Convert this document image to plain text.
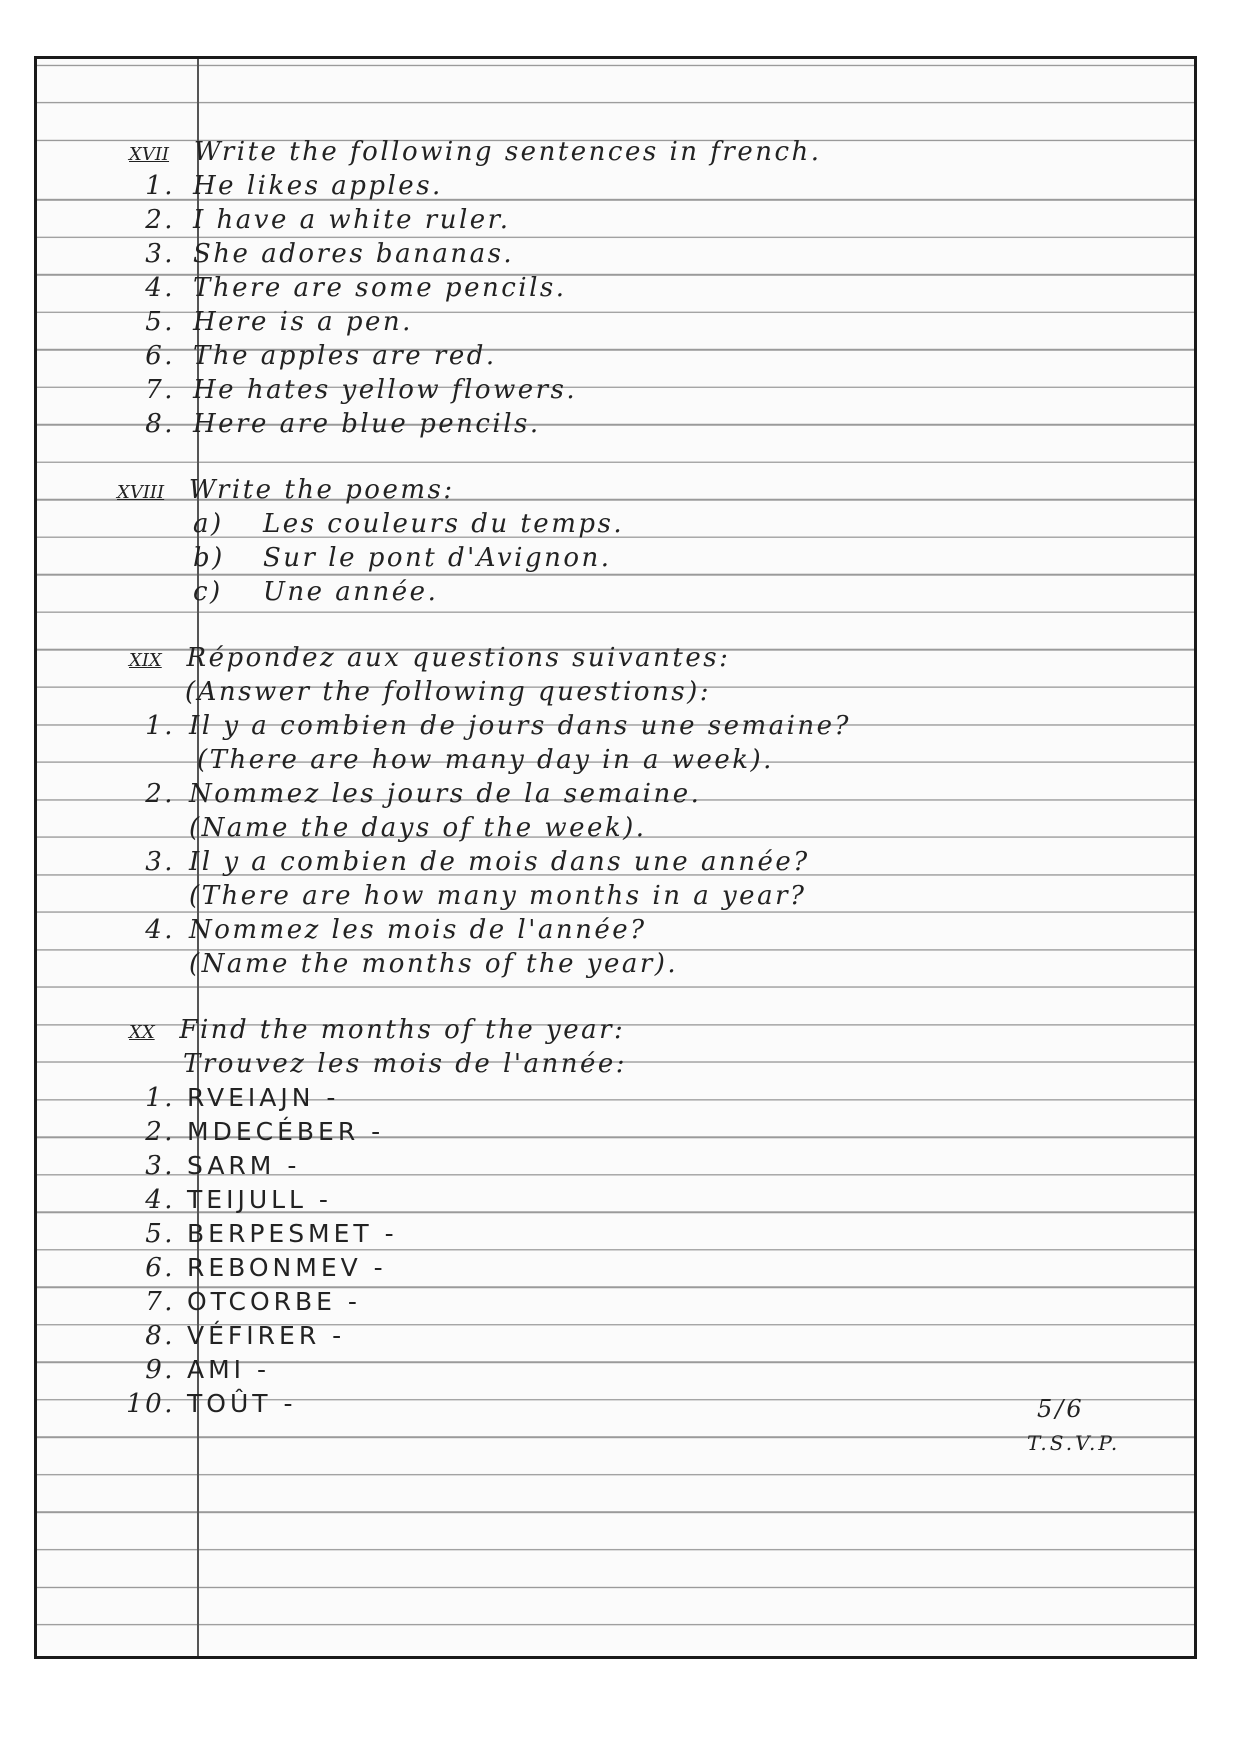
XVII Write the following sentences in french.
1. He likes apples.
2. I have a white ruler.
3. She adores bananas.
4. There are some pencils.
5. Here is a pen.
6. The apples are red.
7. He hates yellow flowers.
8. Here are blue pencils.
XVIII Write the poems:
a) Les couleurs du temps.
b) Sur le pont d'Avignon.
c) Une année.
XIX Répondez aux questions suivantes:
(Answer the following questions):
1. Il y a combien de jours dans une semaine?
(There are how many day in a week).
2. Nommez les jours de la semaine.
(Name the days of the week).
3. Il y a combien de mois dans une année?
(There are how many months in a year?
4. Nommez les mois de l'année?
(Name the months of the year).
XX Find the months of the year:
Trouvez les mois de l'année:
1. RVEIAJN -
2. MDECÉBER -
3. SARM -
4. TEIJULL -
5. BERPESMET -
6. REBONMEV -
7. OTCORBE -
8. VÉFIRER -
9. AMI -
10. TOÛT -	5/6
T.S.V.P.
